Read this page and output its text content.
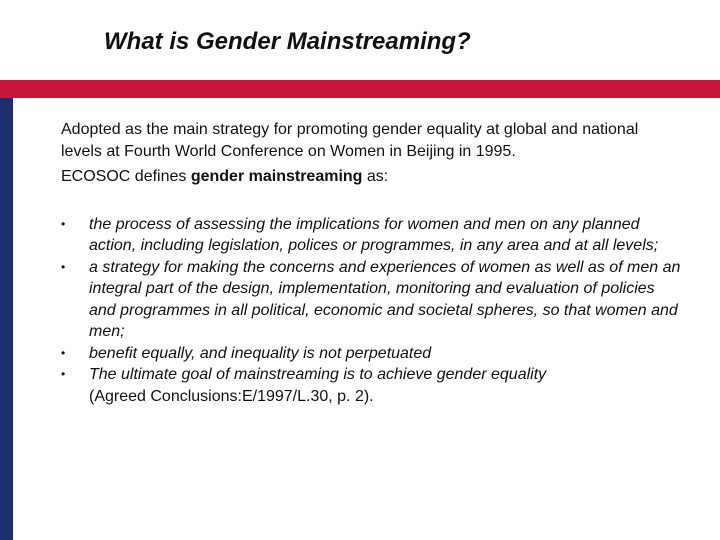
What is Gender Mainstreaming?

Adopted as the main strategy for promoting gender equality at global and national levels at Fourth World Conference on Women in Beijing in 1995.

ECOSOC defines gender mainstreaming as:

•	the process of assessing the implications for women and men on any planned action, including legislation, polices or programmes, in any area and at all levels;
•	a strategy for making the concerns and experiences of women as well as of men an integral part of the design, implementation, monitoring and evaluation of policies and programmes in all political, economic and societal spheres, so that women and men;
•	benefit equally, and inequality is not perpetuated
•	The ultimate goal of mainstreaming is to achieve gender equality
(Agreed Conclusions:E/1997/L.30, p. 2).
